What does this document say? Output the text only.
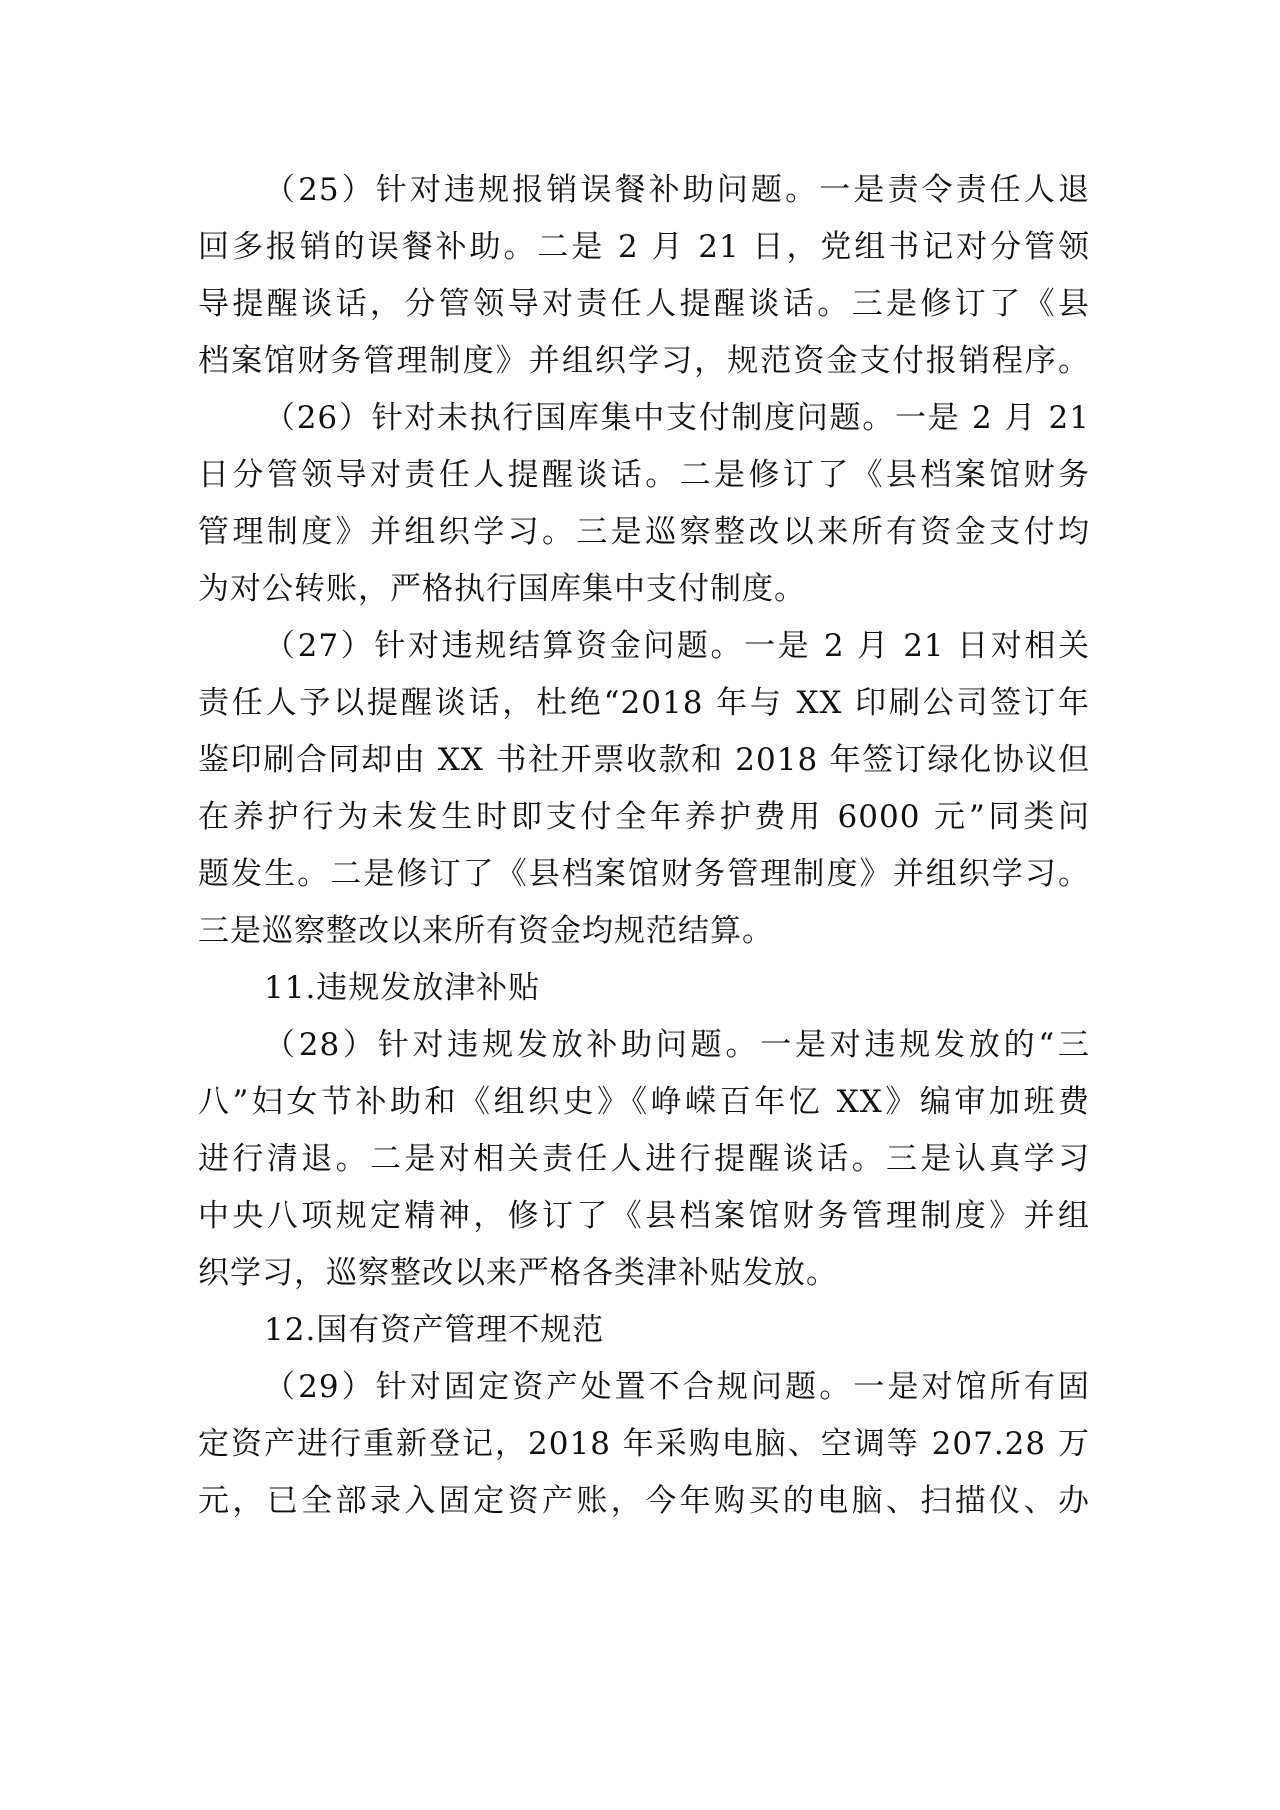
（25）针对违规报销误餐补助问题。一是责令责任人退
回多报销的误餐补助。二是 2 月 21 日，党组书记对分管领
导提醒谈话，分管领导对责任人提醒谈话。三是修订了《县
档案馆财务管理制度》并组织学习，规范资金支付报销程序。
（26）针对未执行国库集中支付制度问题。一是 2 月 21
日分管领导对责任人提醒谈话。二是修订了《县档案馆财务
管理制度》并组织学习。三是巡察整改以来所有资金支付均
为对公转账，严格执行国库集中支付制度。
（27）针对违规结算资金问题。一是 2 月 21 日对相关
责任人予以提醒谈话，杜绝“2018 年与 XX 印刷公司签订年
鉴印刷合同却由 XX 书社开票收款和 2018 年签订绿化协议但
在养护行为未发生时即支付全年养护费用 6000 元”同类问
题发生。二是修订了《县档案馆财务管理制度》并组织学习。
三是巡察整改以来所有资金均规范结算。
11.违规发放津补贴
（28）针对违规发放补助问题。一是对违规发放的“三
八”妇女节补助和《组织史》《峥嵘百年忆 XX》编审加班费
进行清退。二是对相关责任人进行提醒谈话。三是认真学习
中央八项规定精神，修订了《县档案馆财务管理制度》并组
织学习，巡察整改以来严格各类津补贴发放。
12.国有资产管理不规范
（29）针对固定资产处置不合规问题。一是对馆所有固
定资产进行重新登记，2018 年采购电脑、空调等 207.28 万
元，已全部录入固定资产账，今年购买的电脑、扫描仪、办
